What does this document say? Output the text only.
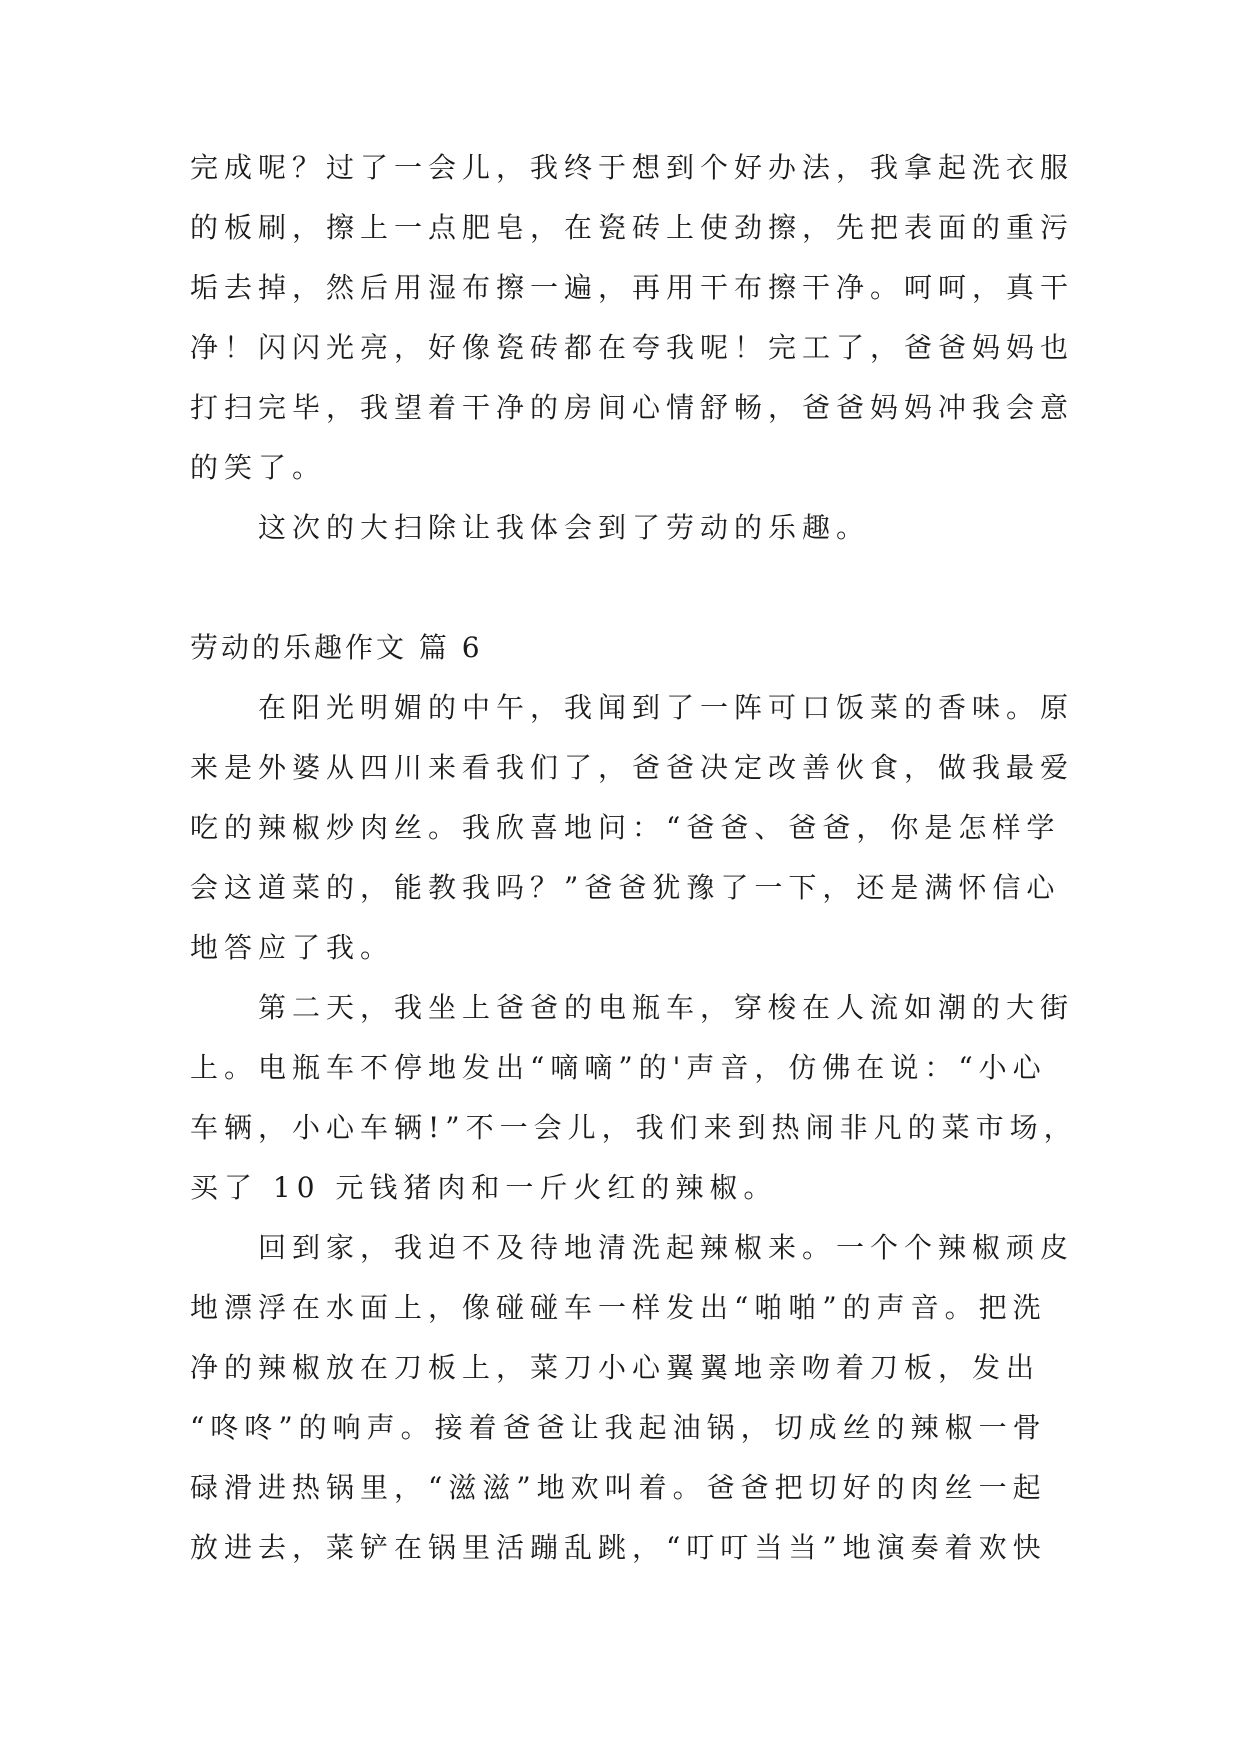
完成呢？过了一会儿，我终于想到个好办法，我拿起洗衣服
的板刷，擦上一点肥皂，在瓷砖上使劲擦，先把表面的重污
垢去掉，然后用湿布擦一遍，再用干布擦干净。呵呵，真干
净！闪闪光亮，好像瓷砖都在夸我呢！完工了，爸爸妈妈也
打扫完毕，我望着干净的房间心情舒畅，爸爸妈妈冲我会意
的笑了。
这次的大扫除让我体会到了劳动的乐趣。
劳动的乐趣作文 篇 6
在阳光明媚的中午，我闻到了一阵可口饭菜的香味。原
来是外婆从四川来看我们了，爸爸决定改善伙食，做我最爱
吃的辣椒炒肉丝。我欣喜地问：“爸爸、爸爸，你是怎样学
会这道菜的，能教我吗？”爸爸犹豫了一下，还是满怀信心
地答应了我。
第二天，我坐上爸爸的电瓶车，穿梭在人流如潮的大街
上。电瓶车不停地发出“嘀嘀”的'声音，仿佛在说：“小心
车辆，小心车辆!”不一会儿，我们来到热闹非凡的菜市场，
买了 10 元钱猪肉和一斤火红的辣椒。
回到家，我迫不及待地清洗起辣椒来。一个个辣椒顽皮
地漂浮在水面上，像碰碰车一样发出“啪啪”的声音。把洗
净的辣椒放在刀板上，菜刀小心翼翼地亲吻着刀板，发出
“咚咚”的响声。接着爸爸让我起油锅，切成丝的辣椒一骨
碌滑进热锅里，“滋滋”地欢叫着。爸爸把切好的肉丝一起
放进去，菜铲在锅里活蹦乱跳，“叮叮当当”地演奏着欢快
